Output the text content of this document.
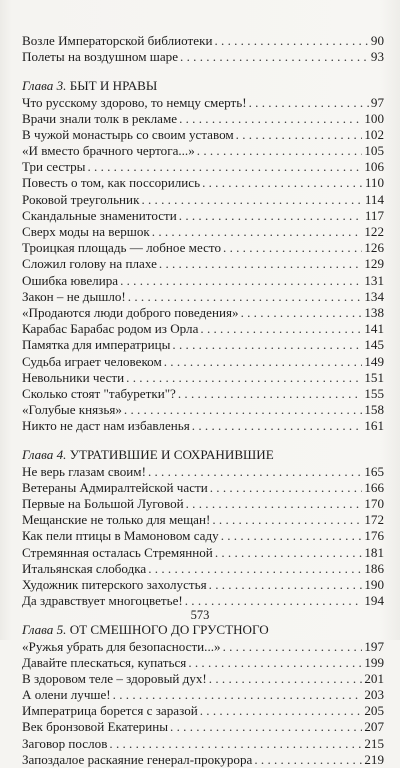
Возле Императорской библиотеки . . .	90
Полеты на воздушном шаре . . .	93
Глава 3.
БЫТ И НРАВЫ
Что русскому здорово, то немцу смерть! . . .	97
Врачи знали толк в рекламе . . .	100
В чужой монастырь со своим уставом . . .	102
«И вместо брачного чертога...» . . .	105
Три сестры . . .	106
Повесть о том, как поссорились . . .	110
Роковой треугольник . . .	114
Скандальные знаменитости . . .	117
Сверх моды на вершок . . .	122
Троицкая площадь — лобное место . . .	126
Сложил голову на плахе . . .	129
Ошибка ювелира . . .	131
Закон – не дышло! . . .	134
«Продаются люди доброго поведения» . . .	138
Карабас Барабас родом из Орла . . .	141
Памятка для императрицы . . .	145
Судьба играет человеком . . .	149
Невольники чести . . .	151
Сколько стоят "табуретки"? . . .	155
«Голубые князья» . . .	158
Никто не даст нам избавленья . . .	161
Глава 4.
УТРАТИВШИЕ И СОХРАНИВШИЕ
Не верь глазам своим! . . .	165
Ветераны Адмиралтейской части . . .	166
Первые на Большой Луговой . . .	170
Мещанские не только для мещан! . . .	172
Как пели птицы в Мамоновом саду . . .	176
Стремянная осталась Стремянной . . .	181
Итальянская слободка . . .	186
Художник питерского захолустья . . .	190
Да здравствует многоцветье! . . .	194
Глава 5.
ОТ СМЕШНОГО ДО ГРУСТНОГО
«Ружья убрать для безопасности...» . . .	197
Давайте плескаться, купаться . . .	199
В здоровом теле – здоровый дух! . . .	201
А олени лучше! . . .	203
Императрица борется с заразой . . .	205
Век бронзовой Екатерины . . .	207
Заговор послов . . .	215
Запоздалое раскаяние генерал-прокурора . . .	219
573
